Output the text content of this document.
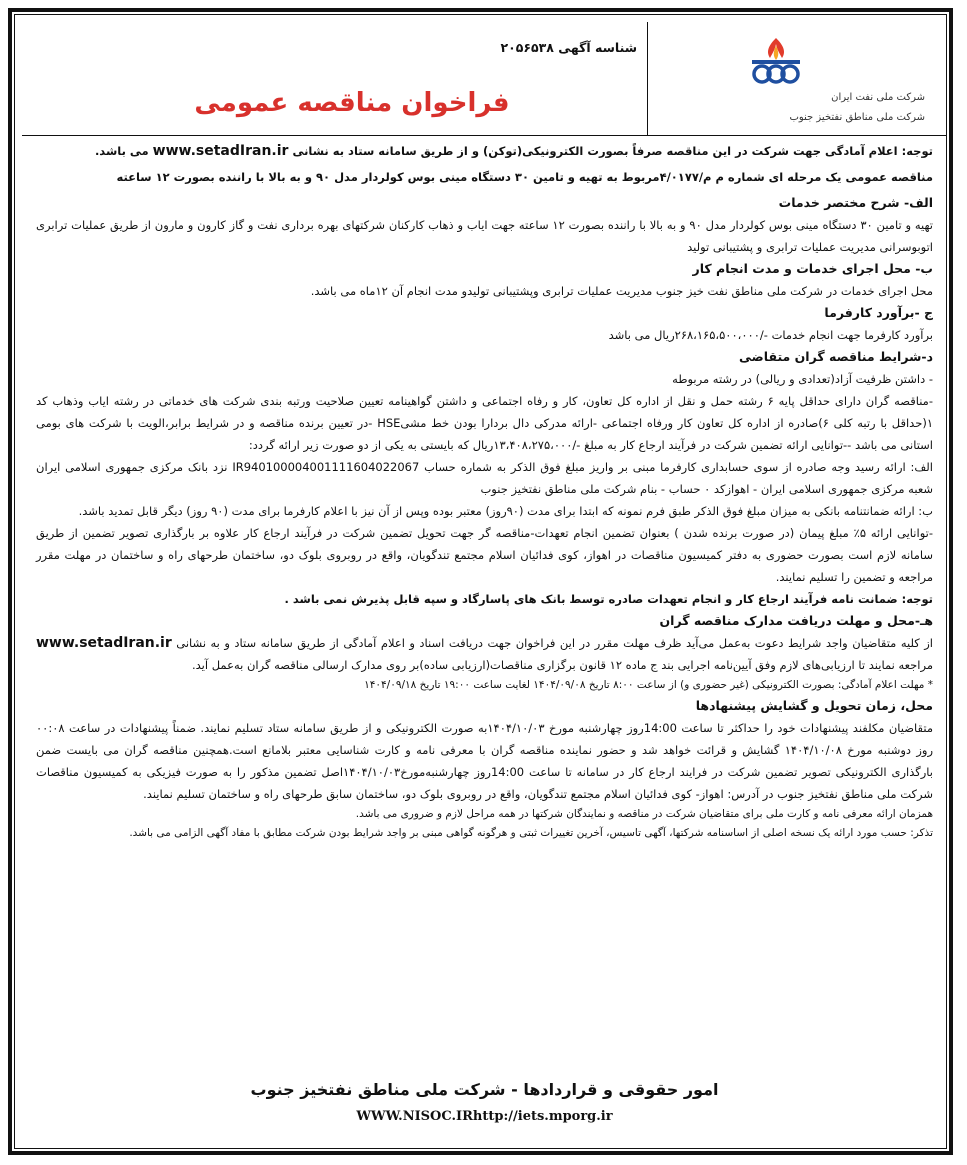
شرکت ملی نفت ایران
شرکت ملی مناطق نفتخیز جنوب
شناسه آگهی ۲۰۵۶۵۳۸
فراخوان مناقصه عمومی

توجه: اعلام آمادگی جهت شرکت در این مناقصه صرفاً بصورت الکترونیکی(توکن) و از طریق سامانه ستاد به نشانی www.setadIran.ir می باشد.

مناقصه عمومی یک مرحله ای شماره م م/۴/۰۱۷۷مربوط به تهیه و تامین ۳۰ دستگاه مینی بوس کولردار مدل ۹۰ و به بالا با راننده بصورت ۱۲ ساعته

الف- شرح مختصر خدمات

تهیه و تامین ۳۰ دستگاه مینی بوس کولردار مدل ۹۰ و به بالا با راننده بصورت ۱۲ ساعته جهت ایاب و ذهاب کارکنان شرکتهای بهره برداری نفت و گاز کارون و مارون از طریق عملیات ترابری اتوبوسرانی مدیریت عملیات ترابری و پشتیبانی تولید

ب- محل اجرای خدمات و مدت انجام کار

محل اجرای خدمات در شرکت ملی مناطق نفت خیز جنوب مدیریت عملیات ترابری وپشتیبانی تولیدو مدت انجام آن ۱۲ماه می باشد.

ج -برآورد کارفرما

برآورد کارفرما جهت انجام خدمات -/۲۶۸،۱۶۵،۵۰۰،۰۰۰ریال می باشد

د-شرایط مناقصه گران متقاضی

- داشتن ظرفیت آزاد(تعدادی و ریالی) در رشته مربوطه

-مناقصه گران دارای حداقل پایه ۶ رشته حمل و نقل از اداره کل تعاون، کار و رفاه اجتماعی و داشتن گواهینامه تعیین صلاحیت ورتبه بندی شرکت های خدماتی در رشته ایاب وذهاب کد ۱(حداقل با رتبه کلی ۶)صادره از اداره کل تعاون کار ورفاه اجتماعی -ارائه مدرکی دال بردارا بودن خط مشیHSE -در تعیین برنده مناقصه و در شرایط برابر،الویت با شرکت های بومی استانی می باشد --توانایی ارائه تضمین شرکت در فرآیند ارجاع کار به مبلغ -/۱۳،۴۰۸،۲۷۵،۰۰۰ریال که بایستی به یکی از دو صورت زیر ارائه گردد:

الف: ارائه رسید وجه صادره از سوی حسابداری کارفرما مبنی بر واریز مبلغ فوق الذکر به شماره حساب IR940100004001111604022067 نزد بانک مرکزی جمهوری اسلامی ایران شعبه مرکزی جمهوری اسلامی ایران - اهوازکد ۰ حساب - بنام شرکت ملی مناطق نفتخیز جنوب

ب: ارائه ضمانتنامه بانکی به میزان مبلغ فوق الذکر طبق فرم نمونه که ابتدا برای مدت (۹۰روز) معتبر بوده وپس از آن نیز با اعلام کارفرما برای مدت (۹۰ روز) دیگر قابل تمدید باشد.

-توانایی ارائه ۵٪ مبلغ پیمان (در صورت برنده شدن ) بعنوان تضمین انجام تعهدات-مناقصه گر جهت تحویل تضمین شرکت در فرآیند ارجاع کار علاوه بر بارگذاری تصویر تضمین از طریق سامانه لازم است بصورت حضوری به دفتر کمیسیون مناقصات در اهواز، کوی فدائیان اسلام مجتمع تندگویان، واقع در روبروی بلوک دو، ساختمان طرحهای راه و ساختمان در مهلت مقرر مراجعه و تضمین را تسلیم نمایند.

توجه: ضمانت نامه فرآیند ارجاع کار و انجام تعهدات صادره توسط بانک های پاسارگاد و سپه قابل پذیرش نمی باشد .

هـ-محل و مهلت دریافت مدارک مناقصه گران

از کلیه متقاضیان واجد شرایط دعوت به‌عمل می‌آید ظرف مهلت مقرر در این فراخوان جهت دریافت اسناد و اعلام آمادگی از طریق سامانه ستاد و به نشانی www.setadIran.ir مراجعه نمایند تا ارزیابی‌های لازم وفق آیین‌نامه اجرایی بند ج ماده ۱۲ قانون برگزاری مناقصات(ارزیابی ساده)بر روی مدارک ارسالی مناقصه گران به‌عمل آید.

* مهلت اعلام آمادگی: بصورت الکترونیکی (غیر حضوری و) از ساعت ۸:۰۰ تاریخ ۱۴۰۴/۰۹/۰۸ لغایت ساعت ۱۹:۰۰ تاریخ ۱۴۰۴/۰۹/۱۸

محل، زمان تحویل و گشایش پیشنهادها

متقاضیان مکلفند پیشنهادات خود را حداکثر تا ساعت 14:00روز چهارشنبه مورخ ۱۴۰۴/۱۰/۰۳به صورت الکترونیکی و از طریق سامانه ستاد تسلیم نمایند. ضمناً پیشنهادات در ساعت ۰۰:۰۸ روز دوشنبه مورخ ۱۴۰۴/۱۰/۰۸ گشایش و قرائت خواهد شد و حضور نماینده مناقصه گران با معرفی نامه و کارت شناسایی معتبر بلامانع است.همچنین مناقصه گران می بایست ضمن بارگذاری الکترونیکی تصویر تضمین شرکت در فرایند ارجاع کار در سامانه تا ساعت 14:00روز چهارشنبه‌مورخ۱۴۰۴/۱۰/۰۳اصل تضمین مذکور را به صورت فیزیکی به کمیسیون مناقصات شرکت ملی مناطق نفتخیز جنوب در آدرس: اهواز- کوی فدائیان اسلام مجتمع تندگویان، واقع در روبروی بلوک دو، ساختمان سابق طرحهای راه و ساختمان تسلیم نمایند.

همزمان ارائه معرفی نامه و کارت ملی برای متقاضیان شرکت در مناقصه و نمایندگان شرکتها در همه مراحل لازم و ضروری می باشد.

تذکر: حسب مورد ارائه یک نسخه اصلی از اساسنامه شرکتها، آگهی تاسیس، آخرین تغییرات ثبتی و هرگونه گواهی مبنی بر واجد شرایط بودن شرکت مطابق با مفاد آگهی الزامی می باشد.

امور حقوقی و قراردادها - شرکت ملی مناطق نفتخیز جنوب
WWW.NISOC.IRhttp://iets.mporg.ir
